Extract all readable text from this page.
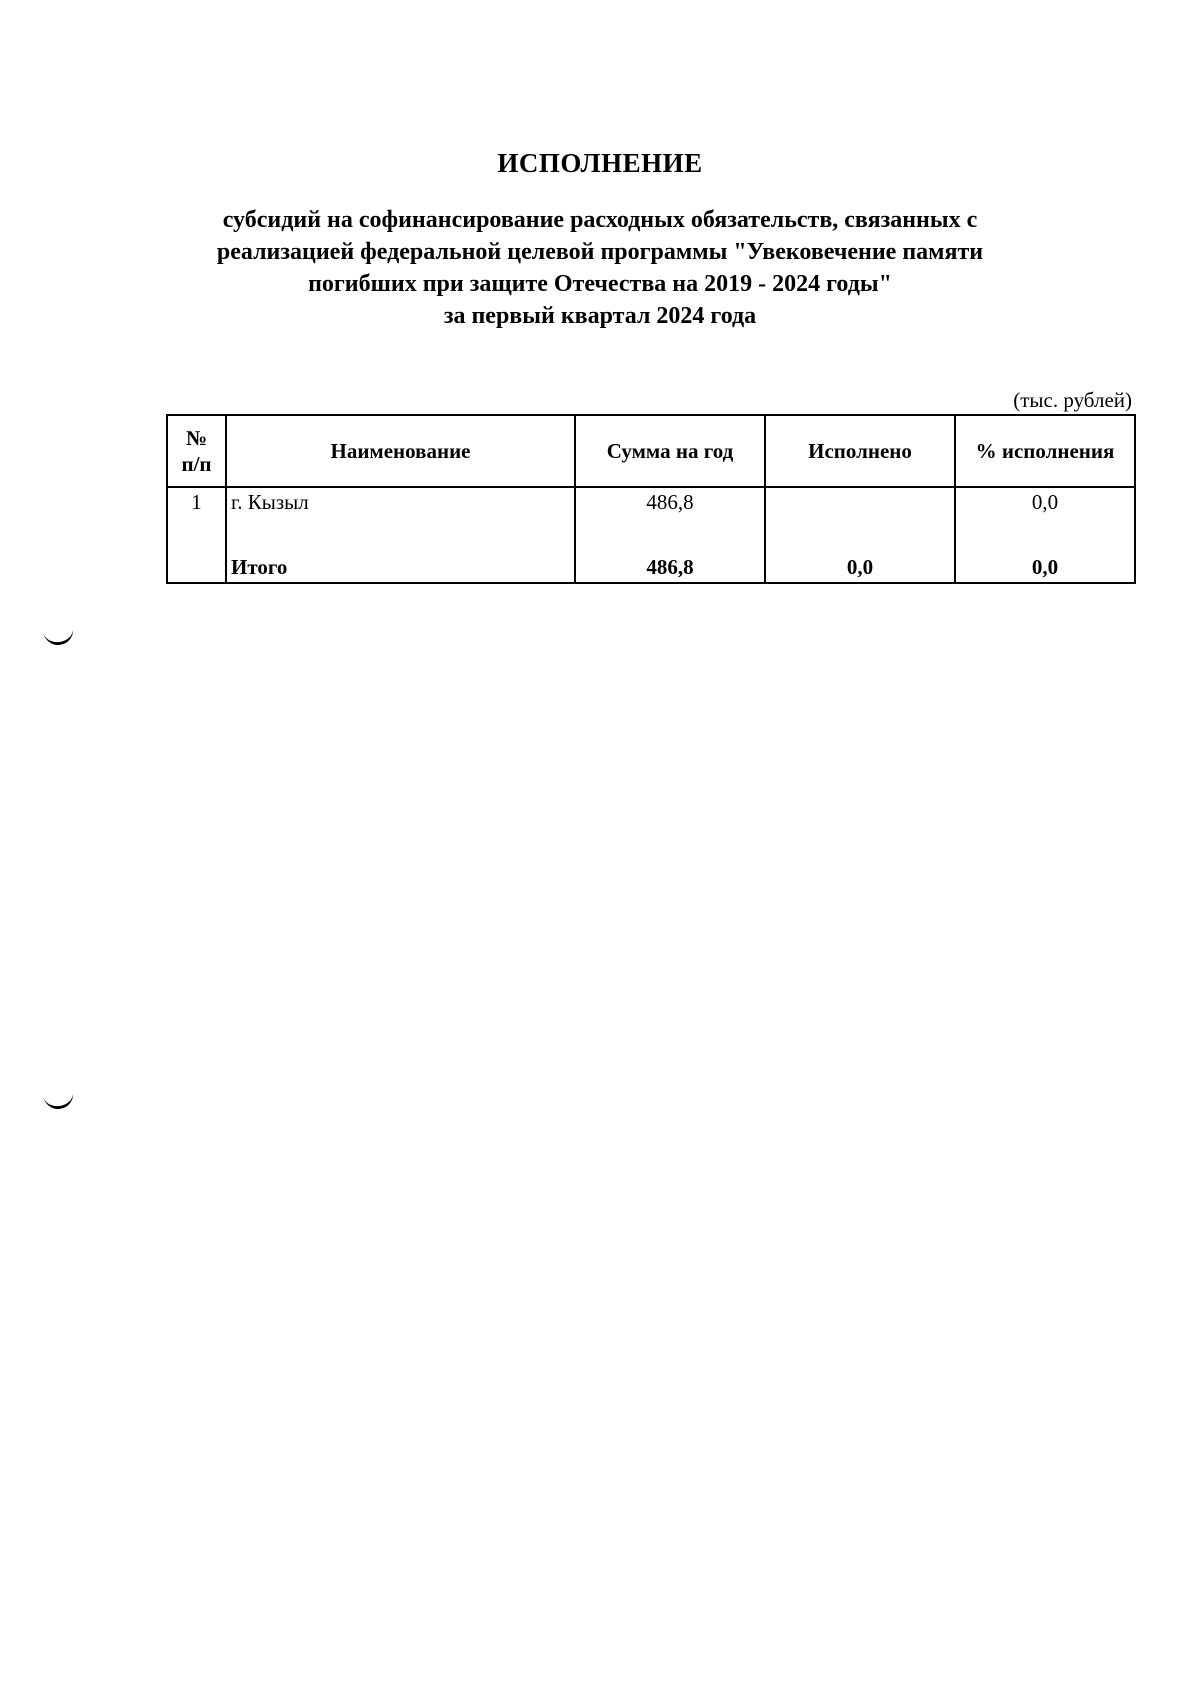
ИСПОЛНЕНИЕ
субсидий на софинансирование расходных обязательств, связанных с
реализацией федеральной целевой программы "Увековечение памяти
погибших при защите Отечества на 2019 - 2024 годы"
за первый квартал 2024 года
(тыс. рублей)
№
п/п	Наименование	Сумма на год	Исполнено	% исполнения
1	г. Кызыл	486,8		0,0
	Итого	486,8	0,0	0,0
